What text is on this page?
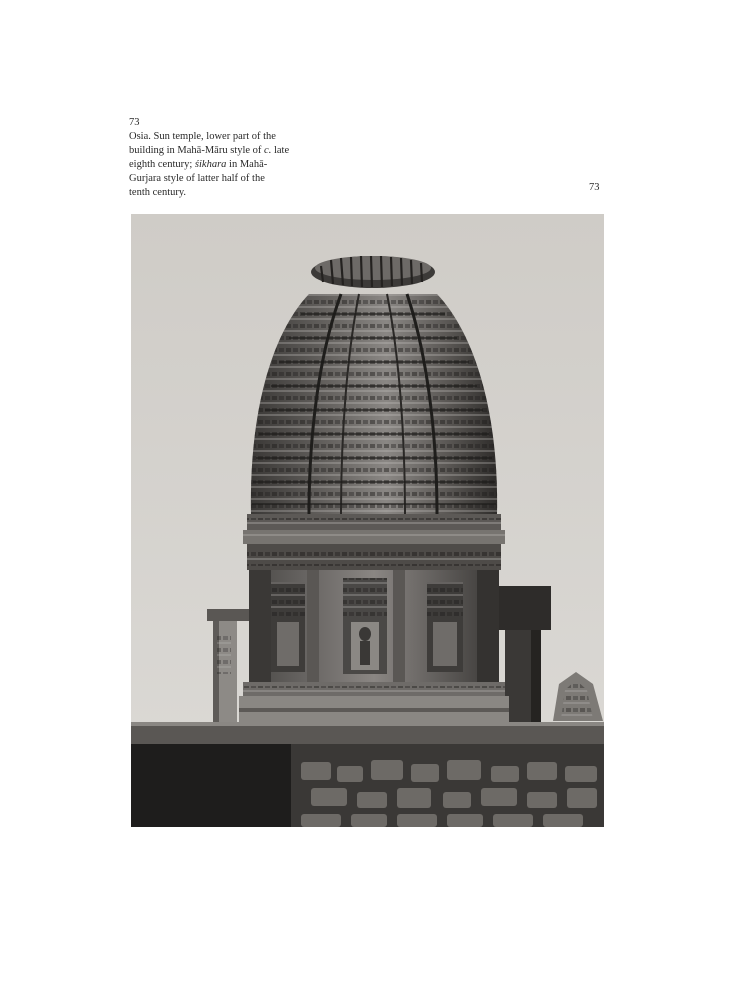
73

Osia. Sun temple, lower part of the

building in Mahā-Māru style of c. late

eighth century; śikhara in Mahā-

Gurjara style of latter half of the

tenth century.	73
